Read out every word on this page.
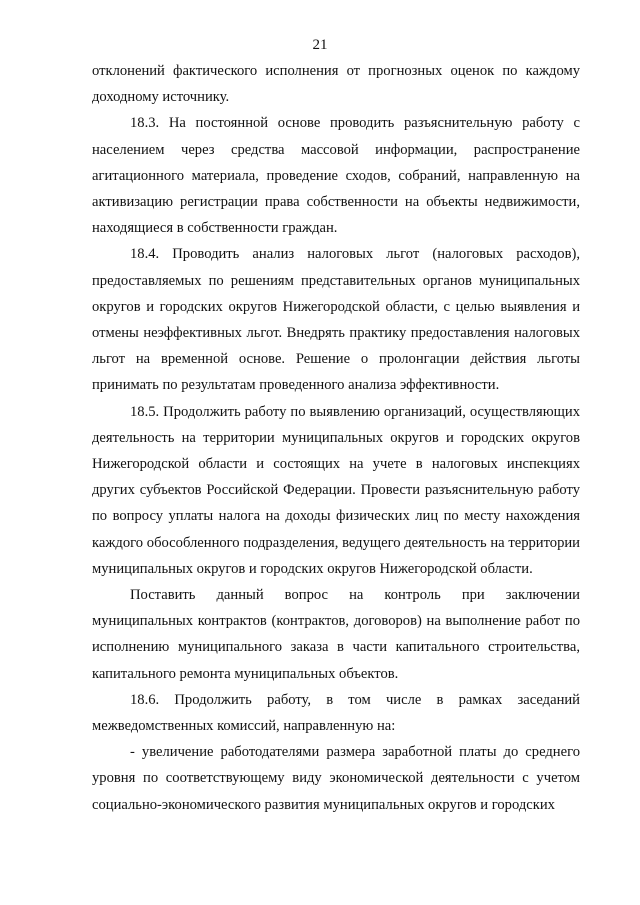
21

отклонений фактического исполнения от прогнозных оценок по каждому доходному источнику.

18.3. На постоянной основе проводить разъяснительную работу с населением через средства массовой информации, распространение агитационного материала, проведение сходов, собраний, направленную на активизацию регистрации права собственности на объекты недвижимости, находящиеся в собственности граждан.

18.4. Проводить анализ налоговых льгот (налоговых расходов), предоставляемых по решениям представительных органов муниципальных округов и городских округов Нижегородской области, с целью выявления и отмены неэффективных льгот. Внедрять практику предоставления налоговых льгот на временной основе. Решение о пролонгации действия льготы принимать по результатам проведенного анализа эффективности.

18.5. Продолжить работу по выявлению организаций, осуществляющих деятельность на территории муниципальных округов и городских округов Нижегородской области и состоящих на учете в налоговых инспекциях других субъектов Российской Федерации. Провести разъяснительную работу по вопросу уплаты налога на доходы физических лиц по месту нахождения каждого обособленного подразделения, ведущего деятельность на территории муниципальных округов и городских округов Нижегородской области.

Поставить данный вопрос на контроль при заключении муниципальных контрактов (контрактов, договоров) на выполнение работ по исполнению муниципального заказа в части капитального строительства, капитального ремонта муниципальных объектов.

18.6. Продолжить работу, в том числе в рамках заседаний межведомственных комиссий, направленную на:

- увеличение работодателями размера заработной платы до среднего уровня по соответствующему виду экономической деятельности с учетом социально-экономического развития муниципальных округов и городских
